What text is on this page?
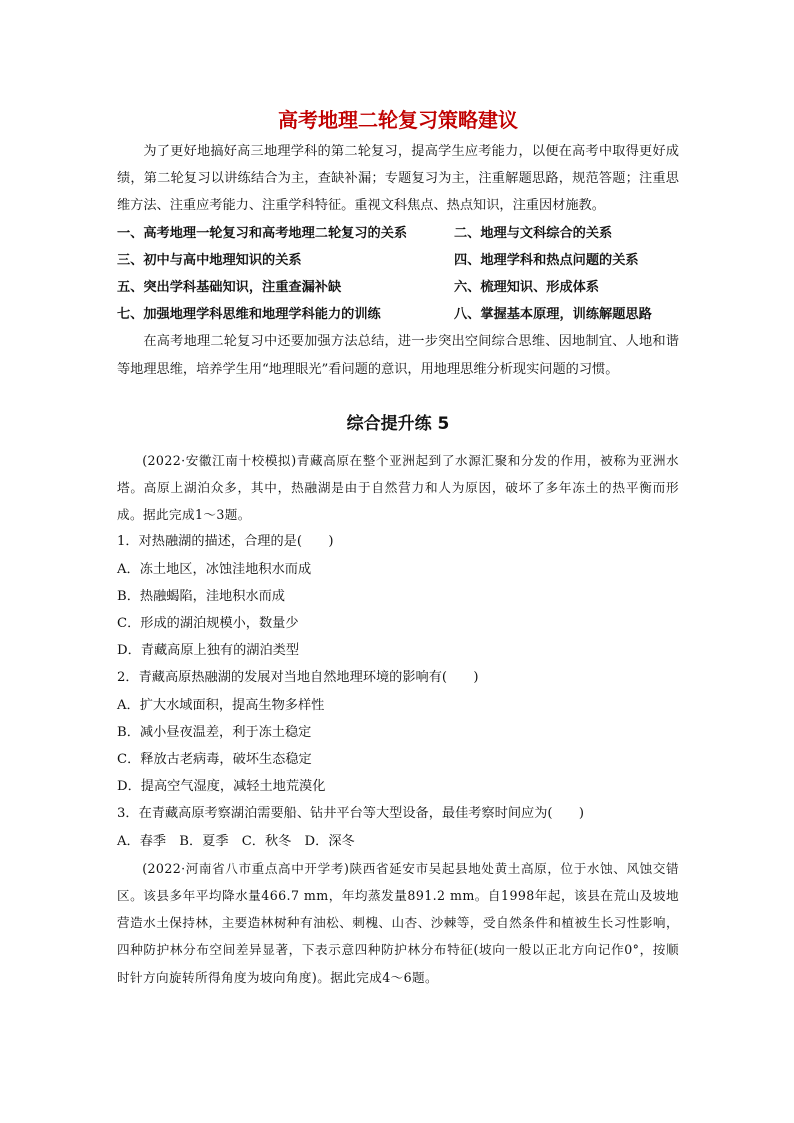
高考地理二轮复习策略建议

为了更好地搞好高三地理学科的第二轮复习，提高学生应考能力，以便在高考中取得更好成绩，第二轮复习以讲练结合为主，查缺补漏；专题复习为主，注重解题思路，规范答题；注重思维方法、注重应考能力、注重学科特征。重视文科焦点、热点知识，注重因材施教。

一、高考地理一轮复习和高考地理二轮复习的关系	二、地理与文科综合的关系
三、初中与高中地理知识的关系	四、地理学科和热点问题的关系
五、突出学科基础知识，注重查漏补缺	六、梳理知识、形成体系
七、加强地理学科思维和地理学科能力的训练	八、掌握基本原理，训练解题思路

在高考地理二轮复习中还要加强方法总结，进一步突出空间综合思维、因地制宜、人地和谐等地理思维，培养学生用“地理眼光”看问题的意识，用地理思维分析现实问题的习惯。

综合提升练 5

(2022·安徽江南十校模拟)青藏高原在整个亚洲起到了水源汇聚和分发的作用，被称为亚洲水塔。高原上湖泊众多，其中，热融湖是由于自然营力和人为原因，破坏了多年冻土的热平衡而形成。据此完成1～3题。

1．对热融湖的描述，合理的是(　　)

A．冻土地区，冰蚀洼地积水而成

B．热融蝎陷，洼地积水而成

C．形成的湖泊规模小，数量少

D．青藏高原上独有的湖泊类型

2．青藏高原热融湖的发展对当地自然地理环境的影响有(　　)

A．扩大水域面积，提高生物多样性

B．减小昼夜温差，利于冻土稳定

C．释放古老病毒，破坏生态稳定

D．提高空气湿度，减轻土地荒漠化

3．在青藏高原考察湖泊需要船、钻井平台等大型设备，最佳考察时间应为(　　)

A．春季　B．夏季　C．秋冬　D．深冬

(2022·河南省八市重点高中开学考)陕西省延安市吴起县地处黄土高原，位于水蚀、风蚀交错区。该县多年平均降水量466.7 mm，年均蒸发量891.2 mm。自1998年起，该县在荒山及坡地营造水土保持林，主要造林树种有油松、刺槐、山杏、沙棘等，受自然条件和植被生长习性影响，四种防护林分布空间差异显著，下表示意四种防护林分布特征(坡向一般以正北方向记作0°，按顺时针方向旋转所得角度为坡向角度)。据此完成4～6题。
